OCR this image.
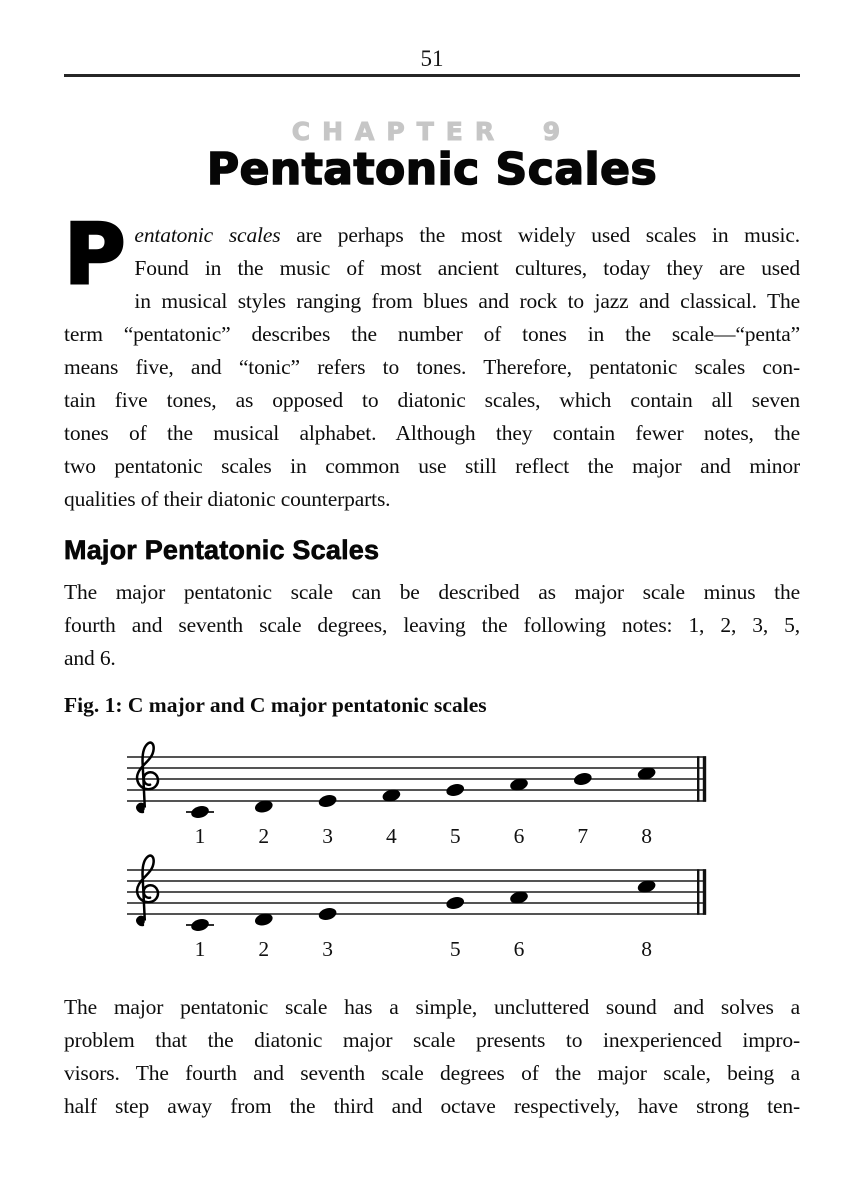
51
CHAPTER 9
Pentatonic Scales
P entatonic scales are perhaps the most widely used scales in music.
Found in the music of most ancient cultures, today they are used
in musical styles ranging from blues and rock to jazz and classical. The
term “pentatonic” describes the number of tones in the scale—“penta”
means five, and “tonic” refers to tones. Therefore, pentatonic scales con-
tain five tones, as opposed to diatonic scales, which contain all seven
tones of the musical alphabet. Although they contain fewer notes, the
two pentatonic scales in common use still reflect the major and minor
qualities of their diatonic counterparts.
Major Pentatonic Scales
The major pentatonic scale can be described as major scale minus the
fourth and seventh scale degrees, leaving the following notes: 1, 2, 3, 5,
and 6.
Fig. 1: C major and C major pentatonic scales
1 2 3 4 5 6 7 8
1 2 3	5 6	8
The major pentatonic scale has a simple, uncluttered sound and solves a
problem that the diatonic major scale presents to inexperienced impro-
visors. The fourth and seventh scale degrees of the major scale, being a
half step away from the third and octave respectively, have strong ten-
